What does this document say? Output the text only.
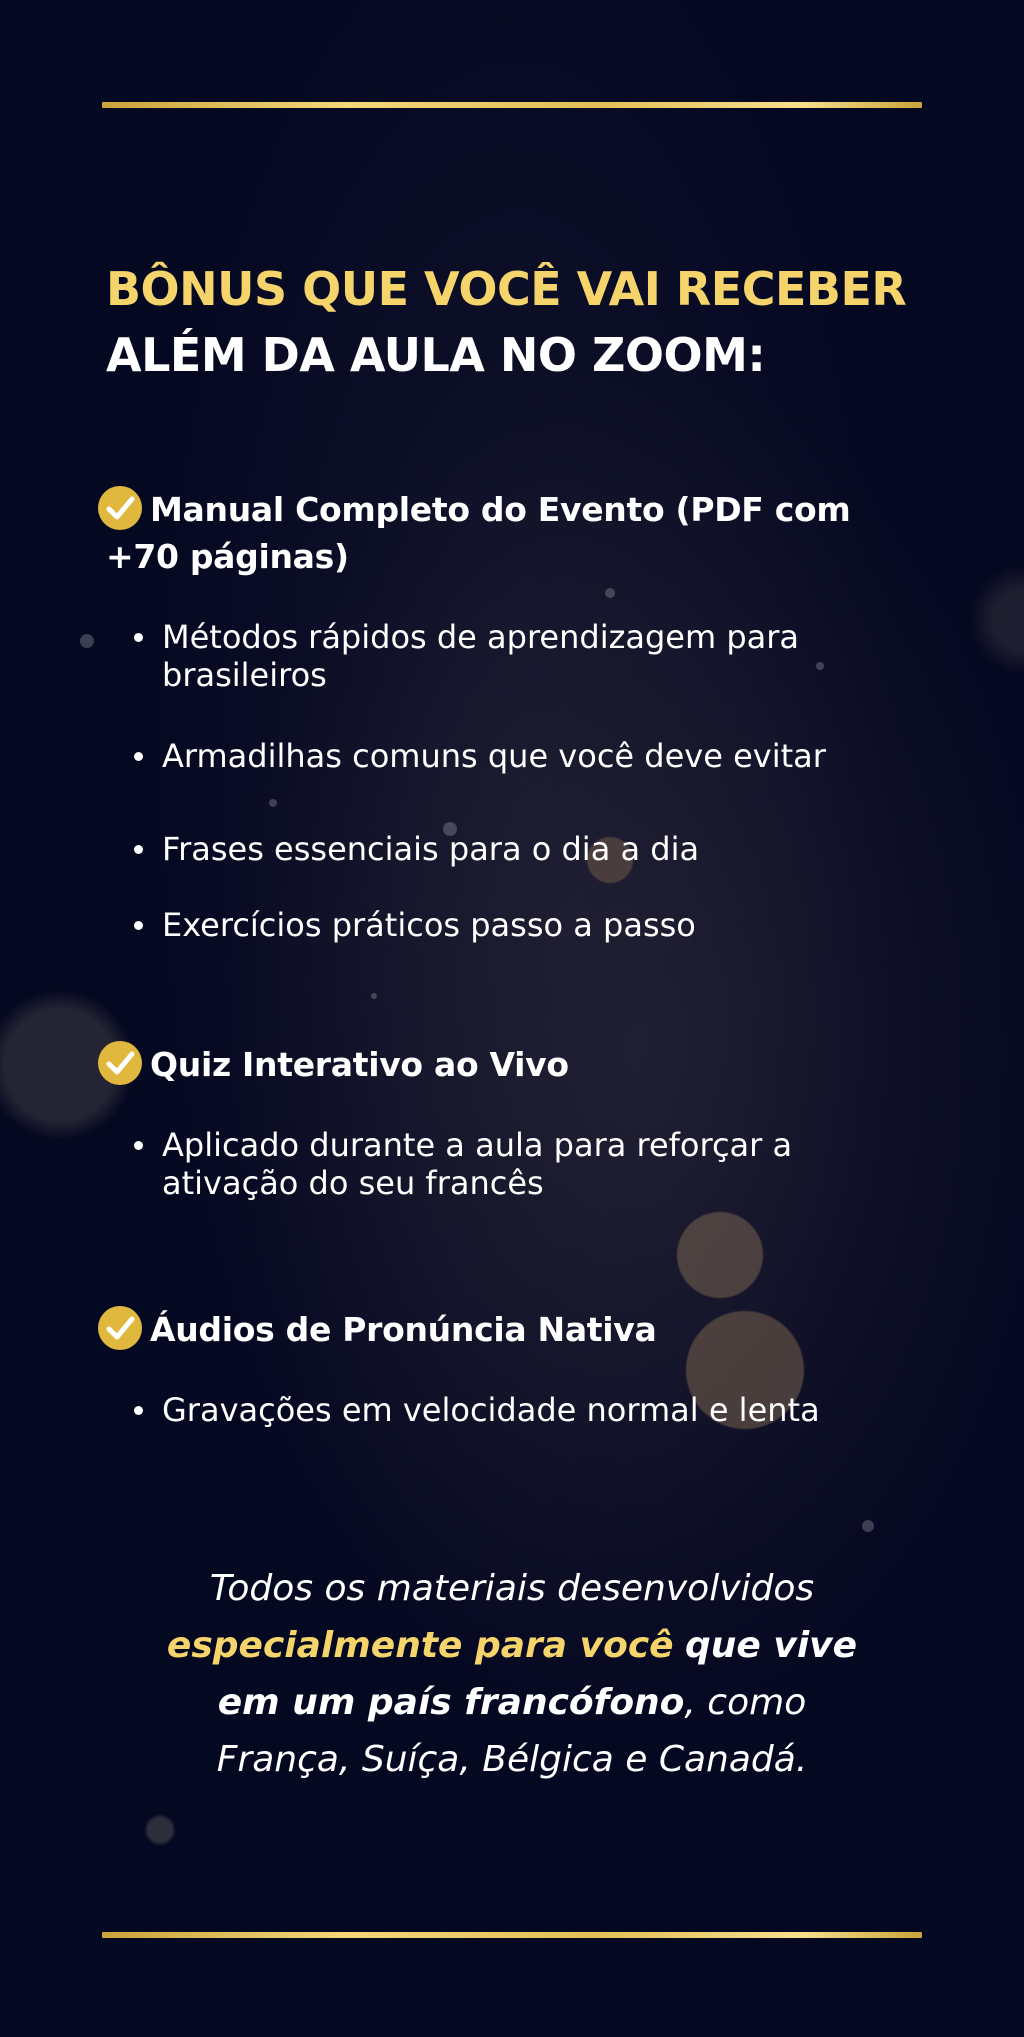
BÔNUS QUE VOCÊ VAI RECEBER
ALÉM DA AULA NO ZOOM:
Manual Completo do Evento (PDF com
+70 páginas)
Métodos rápidos de aprendizagem para
brasileiros
Armadilhas comuns que você deve evitar
Frases essenciais para o dia a dia
Exercícios práticos passo a passo
Quiz Interativo ao Vivo
Aplicado durante a aula para reforçar a
ativação do seu francês
Áudios de Pronúncia Nativa
Gravações em velocidade normal e lenta

Todos os materiais desenvolvidos especialmente para você que vive em um país francófono, como França, Suíça, Bélgica e Canadá.
